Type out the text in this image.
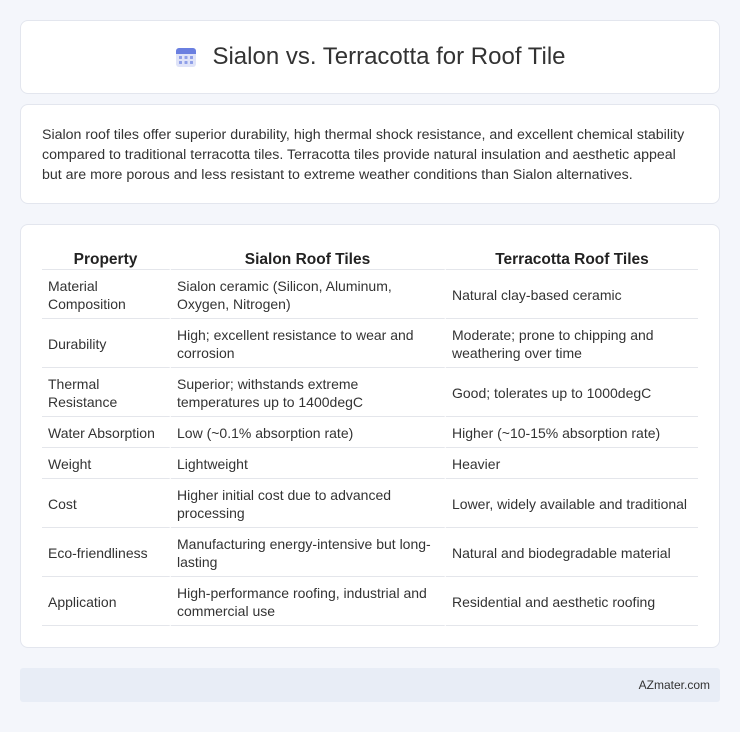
Sialon vs. Terracotta for Roof Tile

Sialon roof tiles offer superior durability, high thermal shock resistance, and excellent chemical stability compared to traditional terracotta tiles. Terracotta tiles provide natural insulation and aesthetic appeal but are more porous and less resistant to extreme weather conditions than Sialon alternatives.

Property	Sialon Roof Tiles	Terracotta Roof Tiles
Material Composition	Sialon ceramic (Silicon, Aluminum, Oxygen, Nitrogen)	Natural clay-based ceramic
Durability	High; excellent resistance to wear and corrosion	Moderate; prone to chipping and weathering over time
Thermal Resistance	Superior; withstands extreme temperatures up to 1400degC	Good; tolerates up to 1000degC
Water Absorption	Low (~0.1% absorption rate)	Higher (~10-15% absorption rate)
Weight	Lightweight	Heavier
Cost	Higher initial cost due to advanced processing	Lower, widely available and traditional
Eco-friendliness	Manufacturing energy-intensive but long-lasting	Natural and biodegradable material
Application	High-performance roofing, industrial and commercial use	Residential and aesthetic roofing
AZmater.com
